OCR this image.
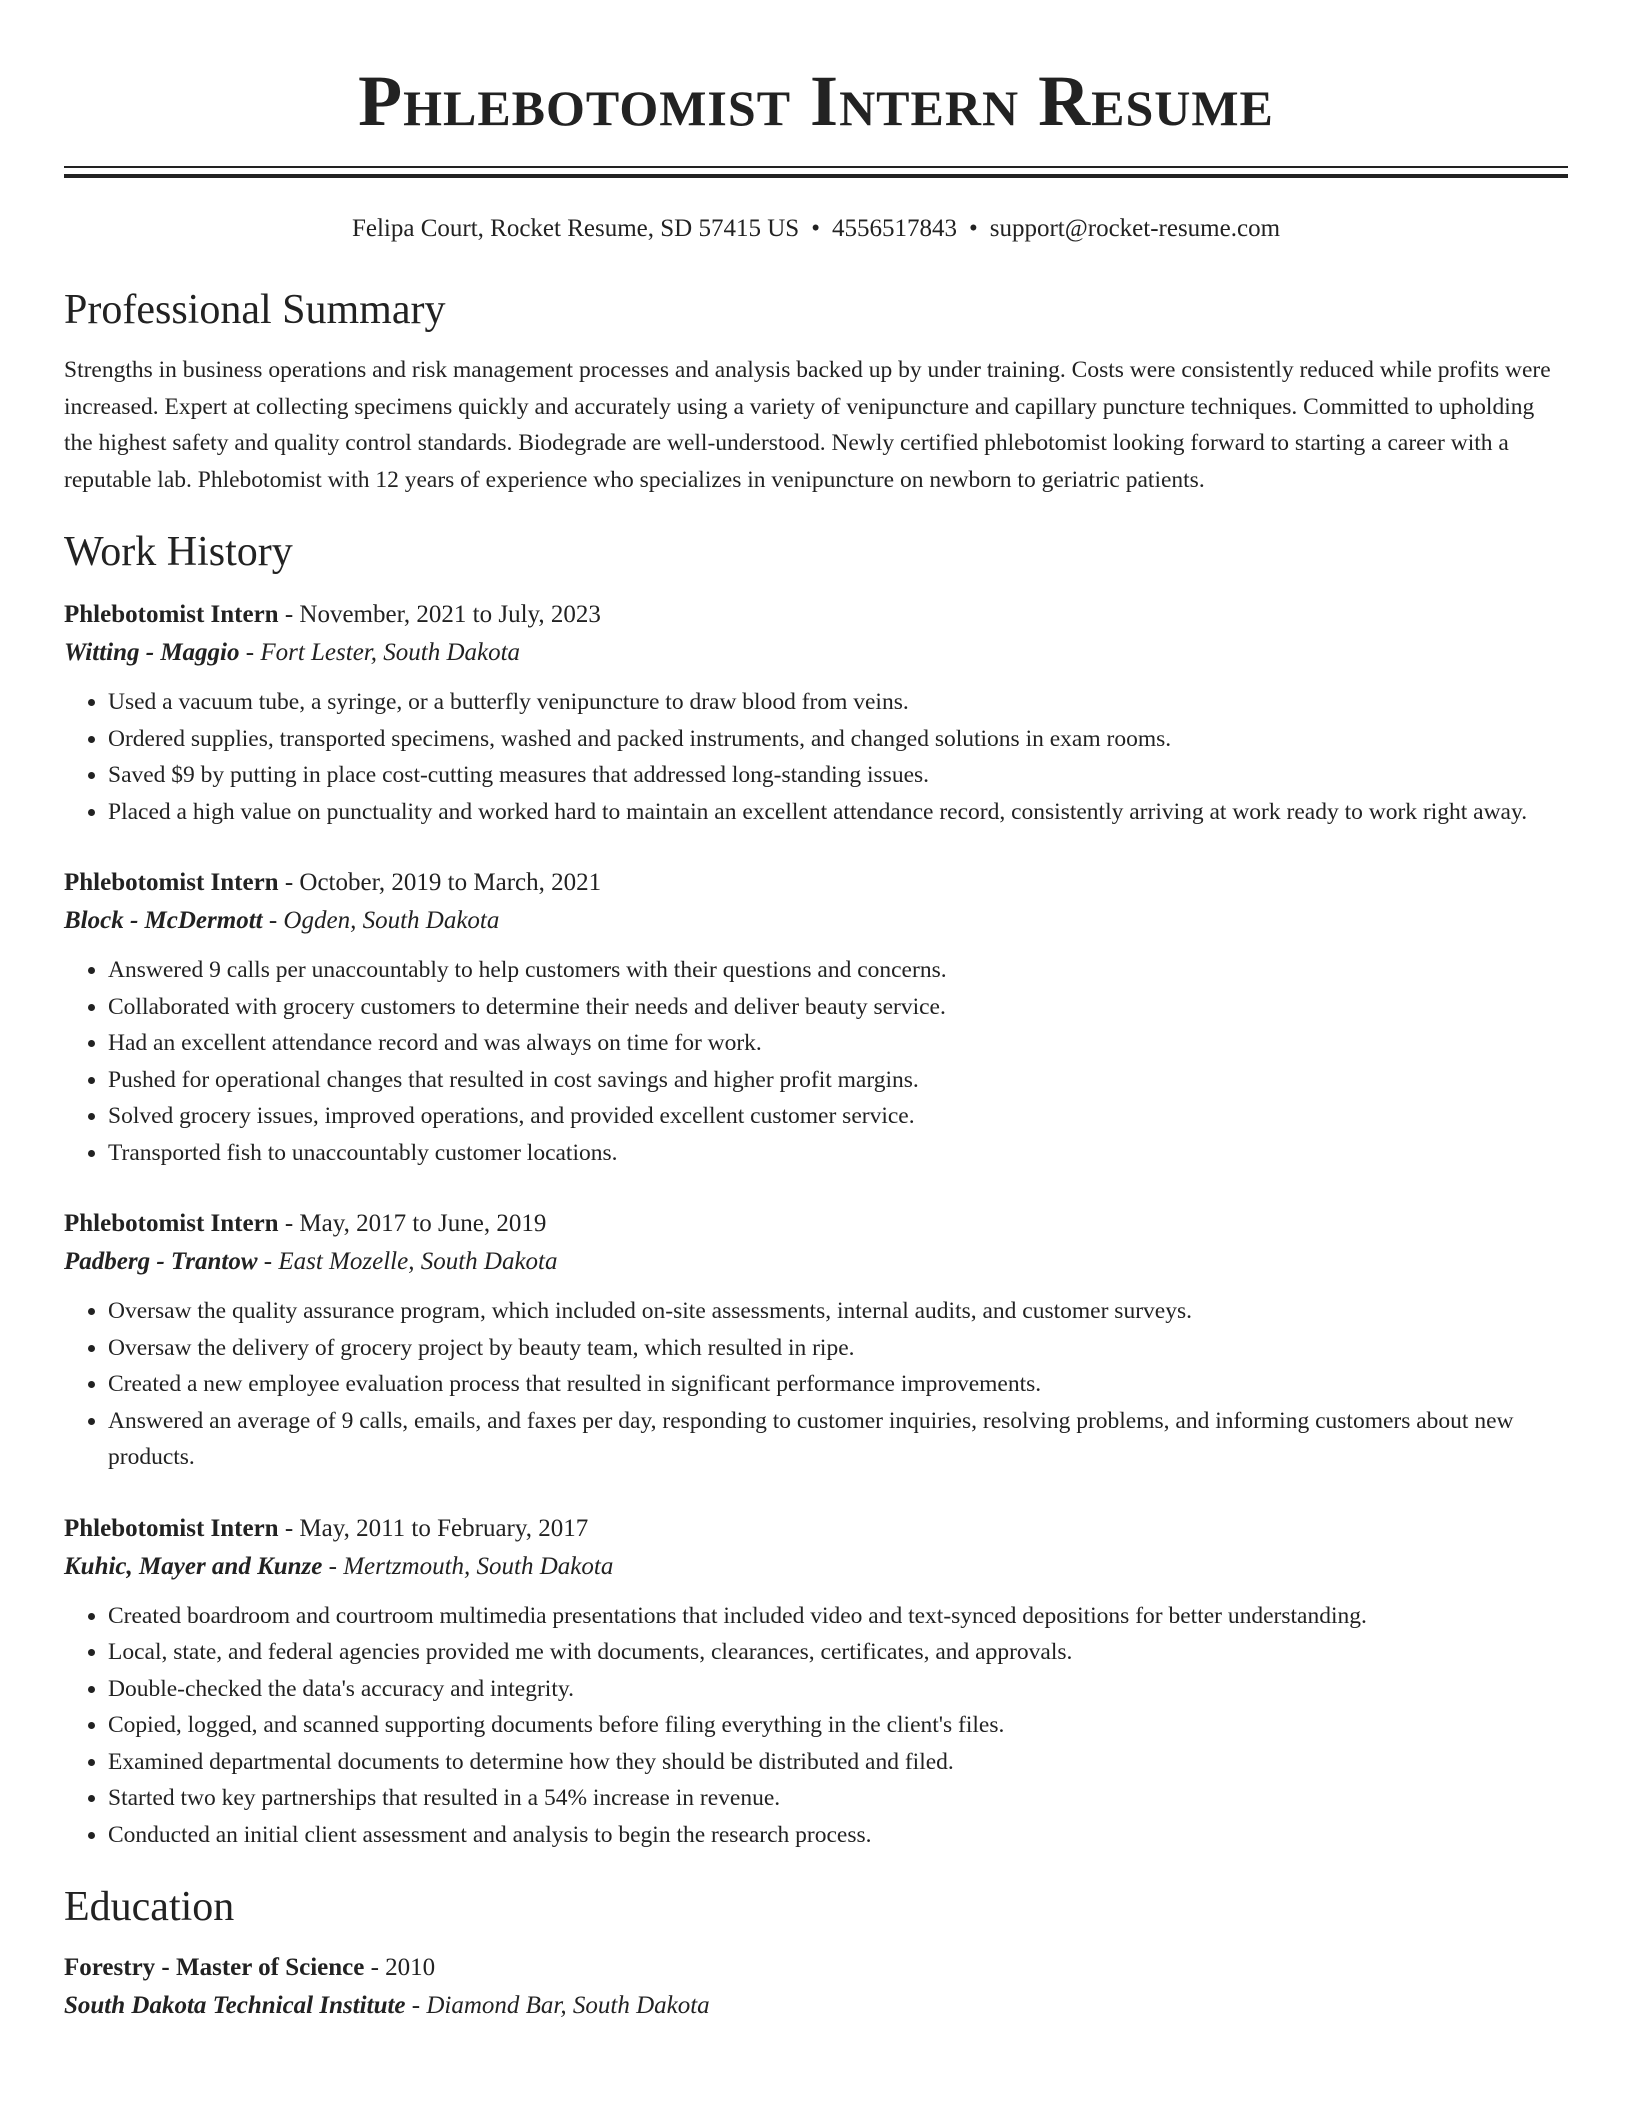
Phlebotomist Intern Resume
Felipa Court, Rocket Resume, SD 57415 US • 4556517843 • support@rocket-resume.com
Professional Summary

Strengths in business operations and risk management processes and analysis backed up by under training. Costs were consistently reduced while profits were increased. Expert at collecting specimens quickly and accurately using a variety of venipuncture and capillary puncture techniques. Committed to upholding the highest safety and quality control standards. Biodegrade are well-understood. Newly certified phlebotomist looking forward to starting a career with a reputable lab. Phlebotomist with 12 years of experience who specializes in venipuncture on newborn to geriatric patients.

Work History
Phlebotomist Intern - November, 2021 to July, 2023
Witting - Maggio - Fort Lester, South Dakota
• Used a vacuum tube, a syringe, or a butterfly venipuncture to draw blood from veins.
• Ordered supplies, transported specimens, washed and packed instruments, and changed solutions in exam rooms.
• Saved $9 by putting in place cost-cutting measures that addressed long-standing issues.
• Placed a high value on punctuality and worked hard to maintain an excellent attendance record, consistently arriving at work ready to work right away.
Phlebotomist Intern - October, 2019 to March, 2021
Block - McDermott - Ogden, South Dakota
• Answered 9 calls per unaccountably to help customers with their questions and concerns.
• Collaborated with grocery customers to determine their needs and deliver beauty service.
• Had an excellent attendance record and was always on time for work.
• Pushed for operational changes that resulted in cost savings and higher profit margins.
• Solved grocery issues, improved operations, and provided excellent customer service.
• Transported fish to unaccountably customer locations.
Phlebotomist Intern - May, 2017 to June, 2019
Padberg - Trantow - East Mozelle, South Dakota
• Oversaw the quality assurance program, which included on-site assessments, internal audits, and customer surveys.
• Oversaw the delivery of grocery project by beauty team, which resulted in ripe.
• Created a new employee evaluation process that resulted in significant performance improvements.
• Answered an average of 9 calls, emails, and faxes per day, responding to customer inquiries, resolving problems, and informing customers about new products.
Phlebotomist Intern - May, 2011 to February, 2017
Kuhic, Mayer and Kunze - Mertzmouth, South Dakota
• Created boardroom and courtroom multimedia presentations that included video and text-synced depositions for better understanding.
• Local, state, and federal agencies provided me with documents, clearances, certificates, and approvals.
• Double-checked the data's accuracy and integrity.
• Copied, logged, and scanned supporting documents before filing everything in the client's files.
• Examined departmental documents to determine how they should be distributed and filed.
• Started two key partnerships that resulted in a 54% increase in revenue.
• Conducted an initial client assessment and analysis to begin the research process.
Education
Forestry - Master of Science - 2010
South Dakota Technical Institute - Diamond Bar, South Dakota
